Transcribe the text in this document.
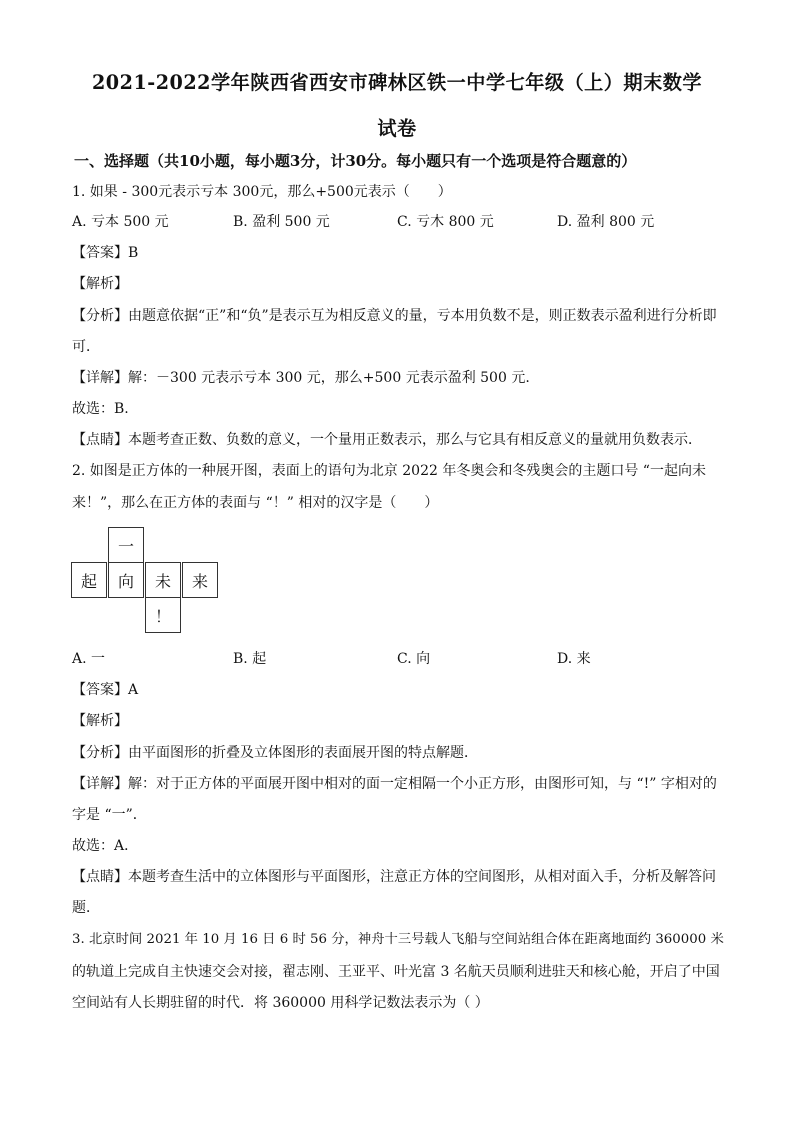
2021-2022学年陕西省西安市碑林区铁一中学七年级（上）期末数学
试卷
一、选择题（共10小题，每小题3分，计30分。每小题只有一个选项是符合题意的）
1. 如果 - 300元表示亏本 300元，那么+500元表示（　　）
A. 亏本 500 元	B. 盈利 500 元	C. 亏木 800 元	D. 盈利 800 元
【答案】B
【解析】
【分析】由题意依据“正”和“负”是表示互为相反意义的量，亏本用负数不是，则正数表示盈利进行分析即
可．
【详解】解：－300 元表示亏本 300 元，那么+500 元表示盈利 500 元.
故选：B.
【点睛】本题考查正数、负数的意义，一个量用正数表示，那么与它具有相反意义的量就用负数表示．
2. 如图是正方体的一种展开图，表面上的语句为北京 2022 年冬奥会和冬残奥会的主题口号 “一起向未
来！”，那么在正方体的表面与 “！” 相对的汉字是（　　）
一
起	向	未	来
！
A. 一	B. 起	C. 向	D. 来
【答案】A
【解析】
【分析】由平面图形的折叠及立体图形的表面展开图的特点解题．
【详解】解：对于正方体的平面展开图中相对的面一定相隔一个小正方形，由图形可知，与 “!” 字相对的
字是 “一”．
故选：A．
【点睛】本题考查生活中的立体图形与平面图形，注意正方体的空间图形，从相对面入手，分析及解答问
题．
3. 北京时间 2021 年 10 月 16 日 6 时 56 分，神舟十三号载人飞船与空间站组合体在距离地面约 360000 米
的轨道上完成自主快速交会对接，翟志刚、王亚平、叶光富 3 名航天员顺利进驻天和核心舱，开启了中国
空间站有人长期驻留的时代．将 360000 用科学记数法表示为（ ）
